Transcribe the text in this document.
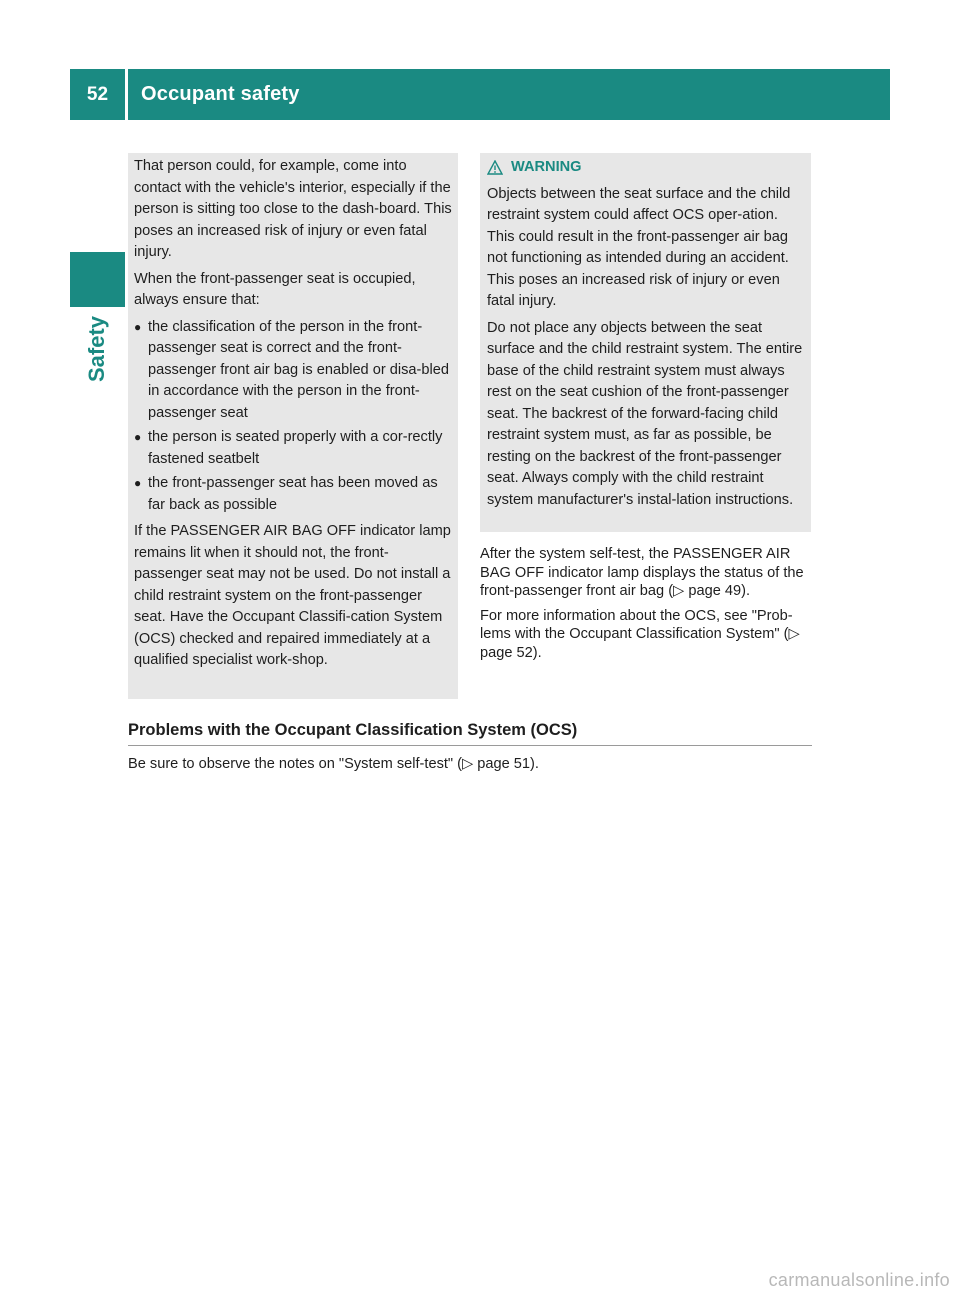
52	Occupant safety
Safety

That person could, for example, come into contact with the vehicle's interior, especially if the person is sitting too close to the dash-board. This poses an increased risk of injury or even fatal injury.

When the front-passenger seat is occupied, always ensure that:

● the classification of the person in the front-passenger seat is correct and the front-passenger front air bag is enabled or disa-bled in accordance with the person in the front-passenger seat
● the person is seated properly with a cor-rectly fastened seatbelt
● the front-passenger seat has been moved as far back as possible

If the PASSENGER AIR BAG OFF indicator lamp remains lit when it should not, the front-passenger seat may not be used. Do not install a child restraint system on the front-passenger seat. Have the Occupant Classifi-cation System (OCS) checked and repaired immediately at a qualified specialist work-shop.

WARNING

Objects between the seat surface and the child restraint system could affect OCS oper-ation. This could result in the front-passenger air bag not functioning as intended during an accident. This poses an increased risk of injury or even fatal injury.

Do not place any objects between the seat surface and the child restraint system. The entire base of the child restraint system must always rest on the seat cushion of the front-passenger seat. The backrest of the forward-facing child restraint system must, as far as possible, be resting on the backrest of the front-passenger seat. Always comply with the child restraint system manufacturer's instal-lation instructions.

After the system self-test, the PASSENGER AIR BAG OFF indicator lamp displays the status of the front-passenger front air bag (▷ page 49).

For more information about the OCS, see "Prob-lems with the Occupant Classification System" (▷ page 52).

Problems with the Occupant Classification System (OCS)
Be sure to observe the notes on "System self-test" (▷ page 51).
carmanualsonline.info
